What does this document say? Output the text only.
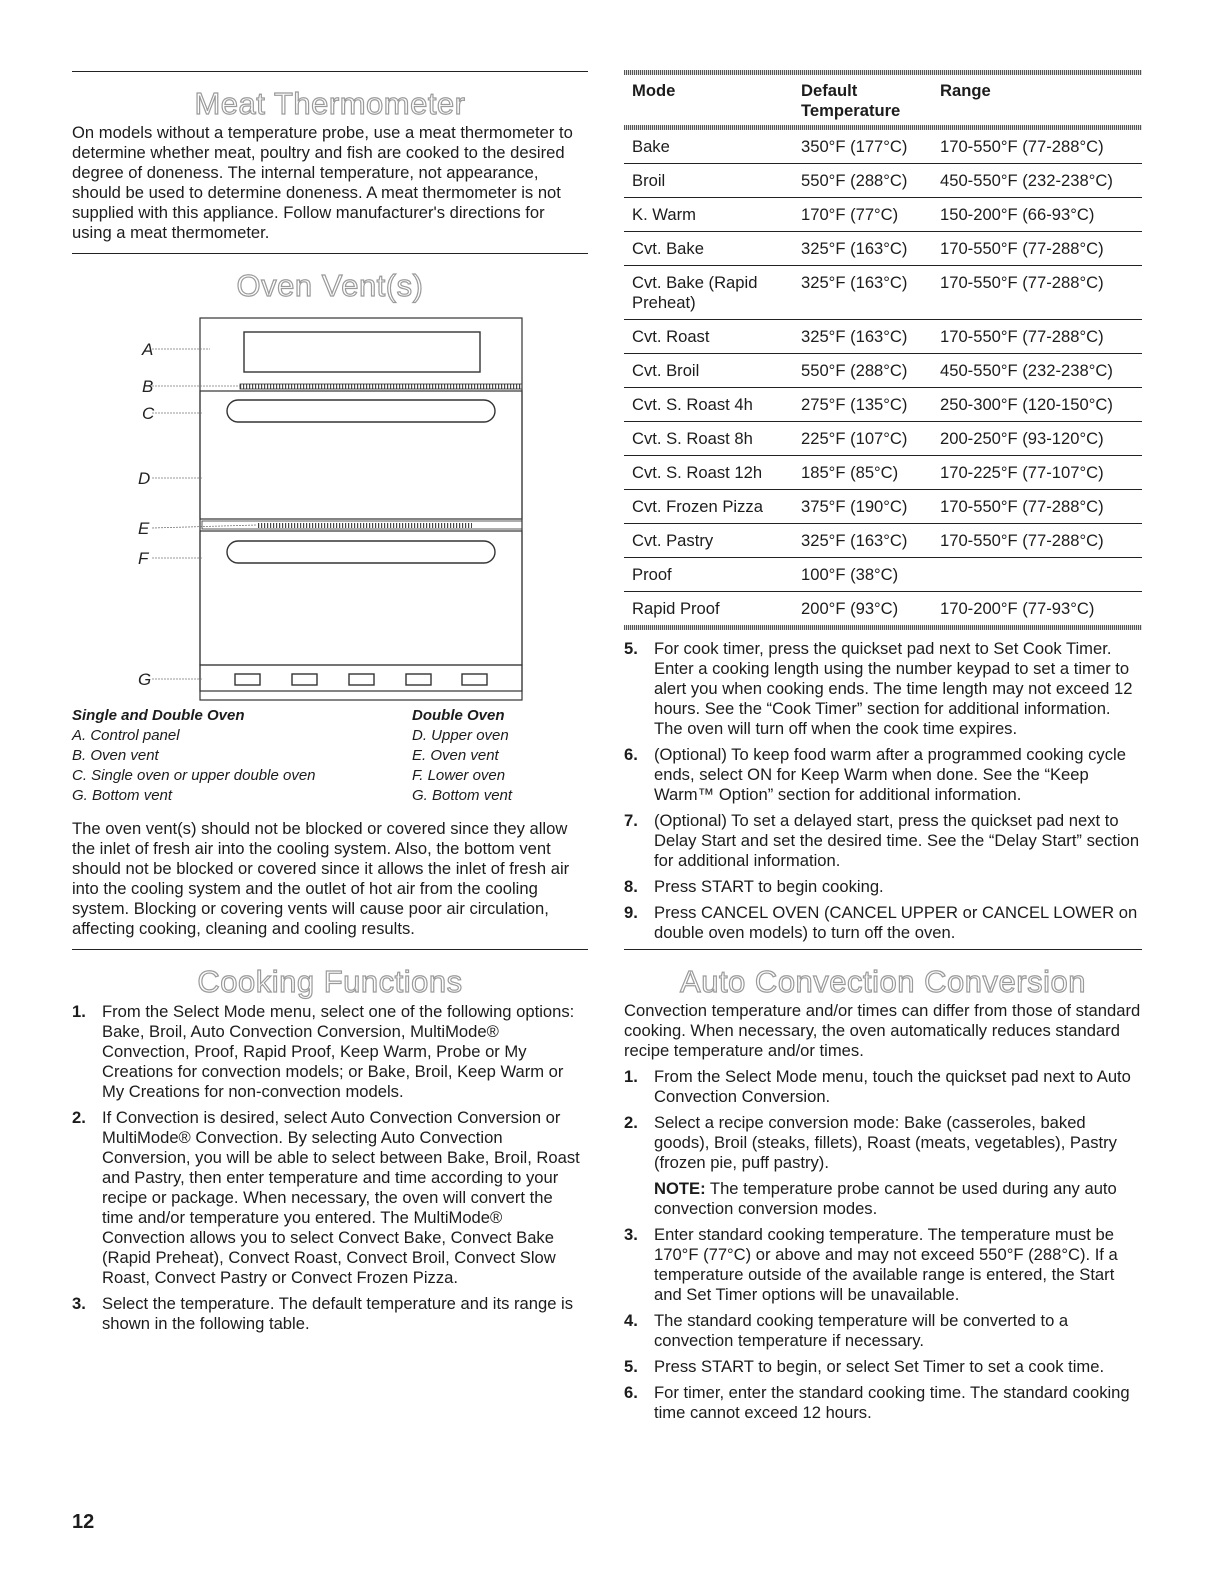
Meat Thermometer

On models without a temperature probe, use a meat thermometer to determine whether meat, poultry and fish are cooked to the desired degree of doneness. The internal temperature, not appearance, should be used to determine doneness. A meat thermometer is not supplied with this appliance. Follow manufacturer's directions for using a meat thermometer.

Oven Vent(s)
A
B
C
D
E
F
G
Single and Double Oven
A. Control panel
B. Oven vent
C. Single oven or upper double oven
G. Bottom vent
Double Oven
D. Upper oven
E. Oven vent
F. Lower oven
G. Bottom vent

The oven vent(s) should not be blocked or covered since they allow the inlet of fresh air into the cooling system. Also, the bottom vent should not be blocked or covered since it allows the inlet of fresh air into the cooling system and the outlet of hot air from the cooling system. Blocking or covering vents will cause poor air circulation, affecting cooking, cleaning and cooling results.

Cooking Functions
1. From the Select Mode menu, select one of the following options: Bake, Broil, Auto Convection Conversion, MultiMode® Convection, Proof, Rapid Proof, Keep Warm, Probe or My Creations for convection models; or Bake, Broil, Keep Warm or My Creations for non-convection models.
2. If Convection is desired, select Auto Convection Conversion or MultiMode® Convection. By selecting Auto Convection Conversion, you will be able to select between Bake, Broil, Roast and Pastry, then enter temperature and time according to your recipe or package. When necessary, the oven will convert the time and/or temperature you entered. The MultiMode® Convection allows you to select Convect Bake, Convect Bake (Rapid Preheat), Convect Roast, Convect Broil, Convect Slow Roast, Convect Pastry or Convect Frozen Pizza.
3. Select the temperature. The default temperature and its range is shown in the following table.
Mode	Default Temperature	Range

Bake	350°F (177°C)	170-550°F (77-288°C)
Broil	550°F (288°C)	450-550°F (232-238°C)
K. Warm	170°F (77°C)	150-200°F (66-93°C)
Cvt. Bake	325°F (163°C)	170-550°F (77-288°C)
Cvt. Bake (Rapid Preheat)	325°F (163°C)	170-550°F (77-288°C)
Cvt. Roast	325°F (163°C)	170-550°F (77-288°C)
Cvt. Broil	550°F (288°C)	450-550°F (232-238°C)
Cvt. S. Roast 4h	275°F (135°C)	250-300°F (120-150°C)
Cvt. S. Roast 8h	225°F (107°C)	200-250°F (93-120°C)
Cvt. S. Roast 12h	185°F (85°C)	170-225°F (77-107°C)
Cvt. Frozen Pizza	375°F (190°C)	170-550°F (77-288°C)
Cvt. Pastry	325°F (163°C)	170-550°F (77-288°C)
Proof	100°F (38°C)	
Rapid Proof	200°F (93°C)	170-200°F (77-93°C)
5. For cook timer, press the quickset pad next to Set Cook Timer. Enter a cooking length using the number keypad to set a timer to alert you when cooking ends. The time length may not exceed 12 hours. See the “Cook Timer” section for additional information. The oven will turn off when the cook time expires.
6. (Optional) To keep food warm after a programmed cooking cycle ends, select ON for Keep Warm when done. See the “Keep Warm™ Option” section for additional information.
7. (Optional) To set a delayed start, press the quickset pad next to Delay Start and set the desired time. See the “Delay Start” section for additional information.
8. Press START to begin cooking.
9. Press CANCEL OVEN (CANCEL UPPER or CANCEL LOWER on double oven models) to turn off the oven.
Auto Convection Conversion

Convection temperature and/or times can differ from those of standard cooking. When necessary, the oven automatically reduces standard recipe temperature and/or times.

1. From the Select Mode menu, touch the quickset pad next to Auto Convection Conversion.
2. Select a recipe conversion mode: Bake (casseroles, baked goods), Broil (steaks, fillets), Roast (meats, vegetables), Pastry (frozen pie, puff pastry).
NOTE: The temperature probe cannot be used during any auto convection conversion modes.
3. Enter standard cooking temperature. The temperature must be 170°F (77°C) or above and may not exceed 550°F (288°C). If a temperature outside of the available range is entered, the Start and Set Timer options will be unavailable.
4. The standard cooking temperature will be converted to a convection temperature if necessary.
5. Press START to begin, or select Set Timer to set a cook time.
6. For timer, enter the standard cooking time. The standard cooking time cannot exceed 12 hours.
12
